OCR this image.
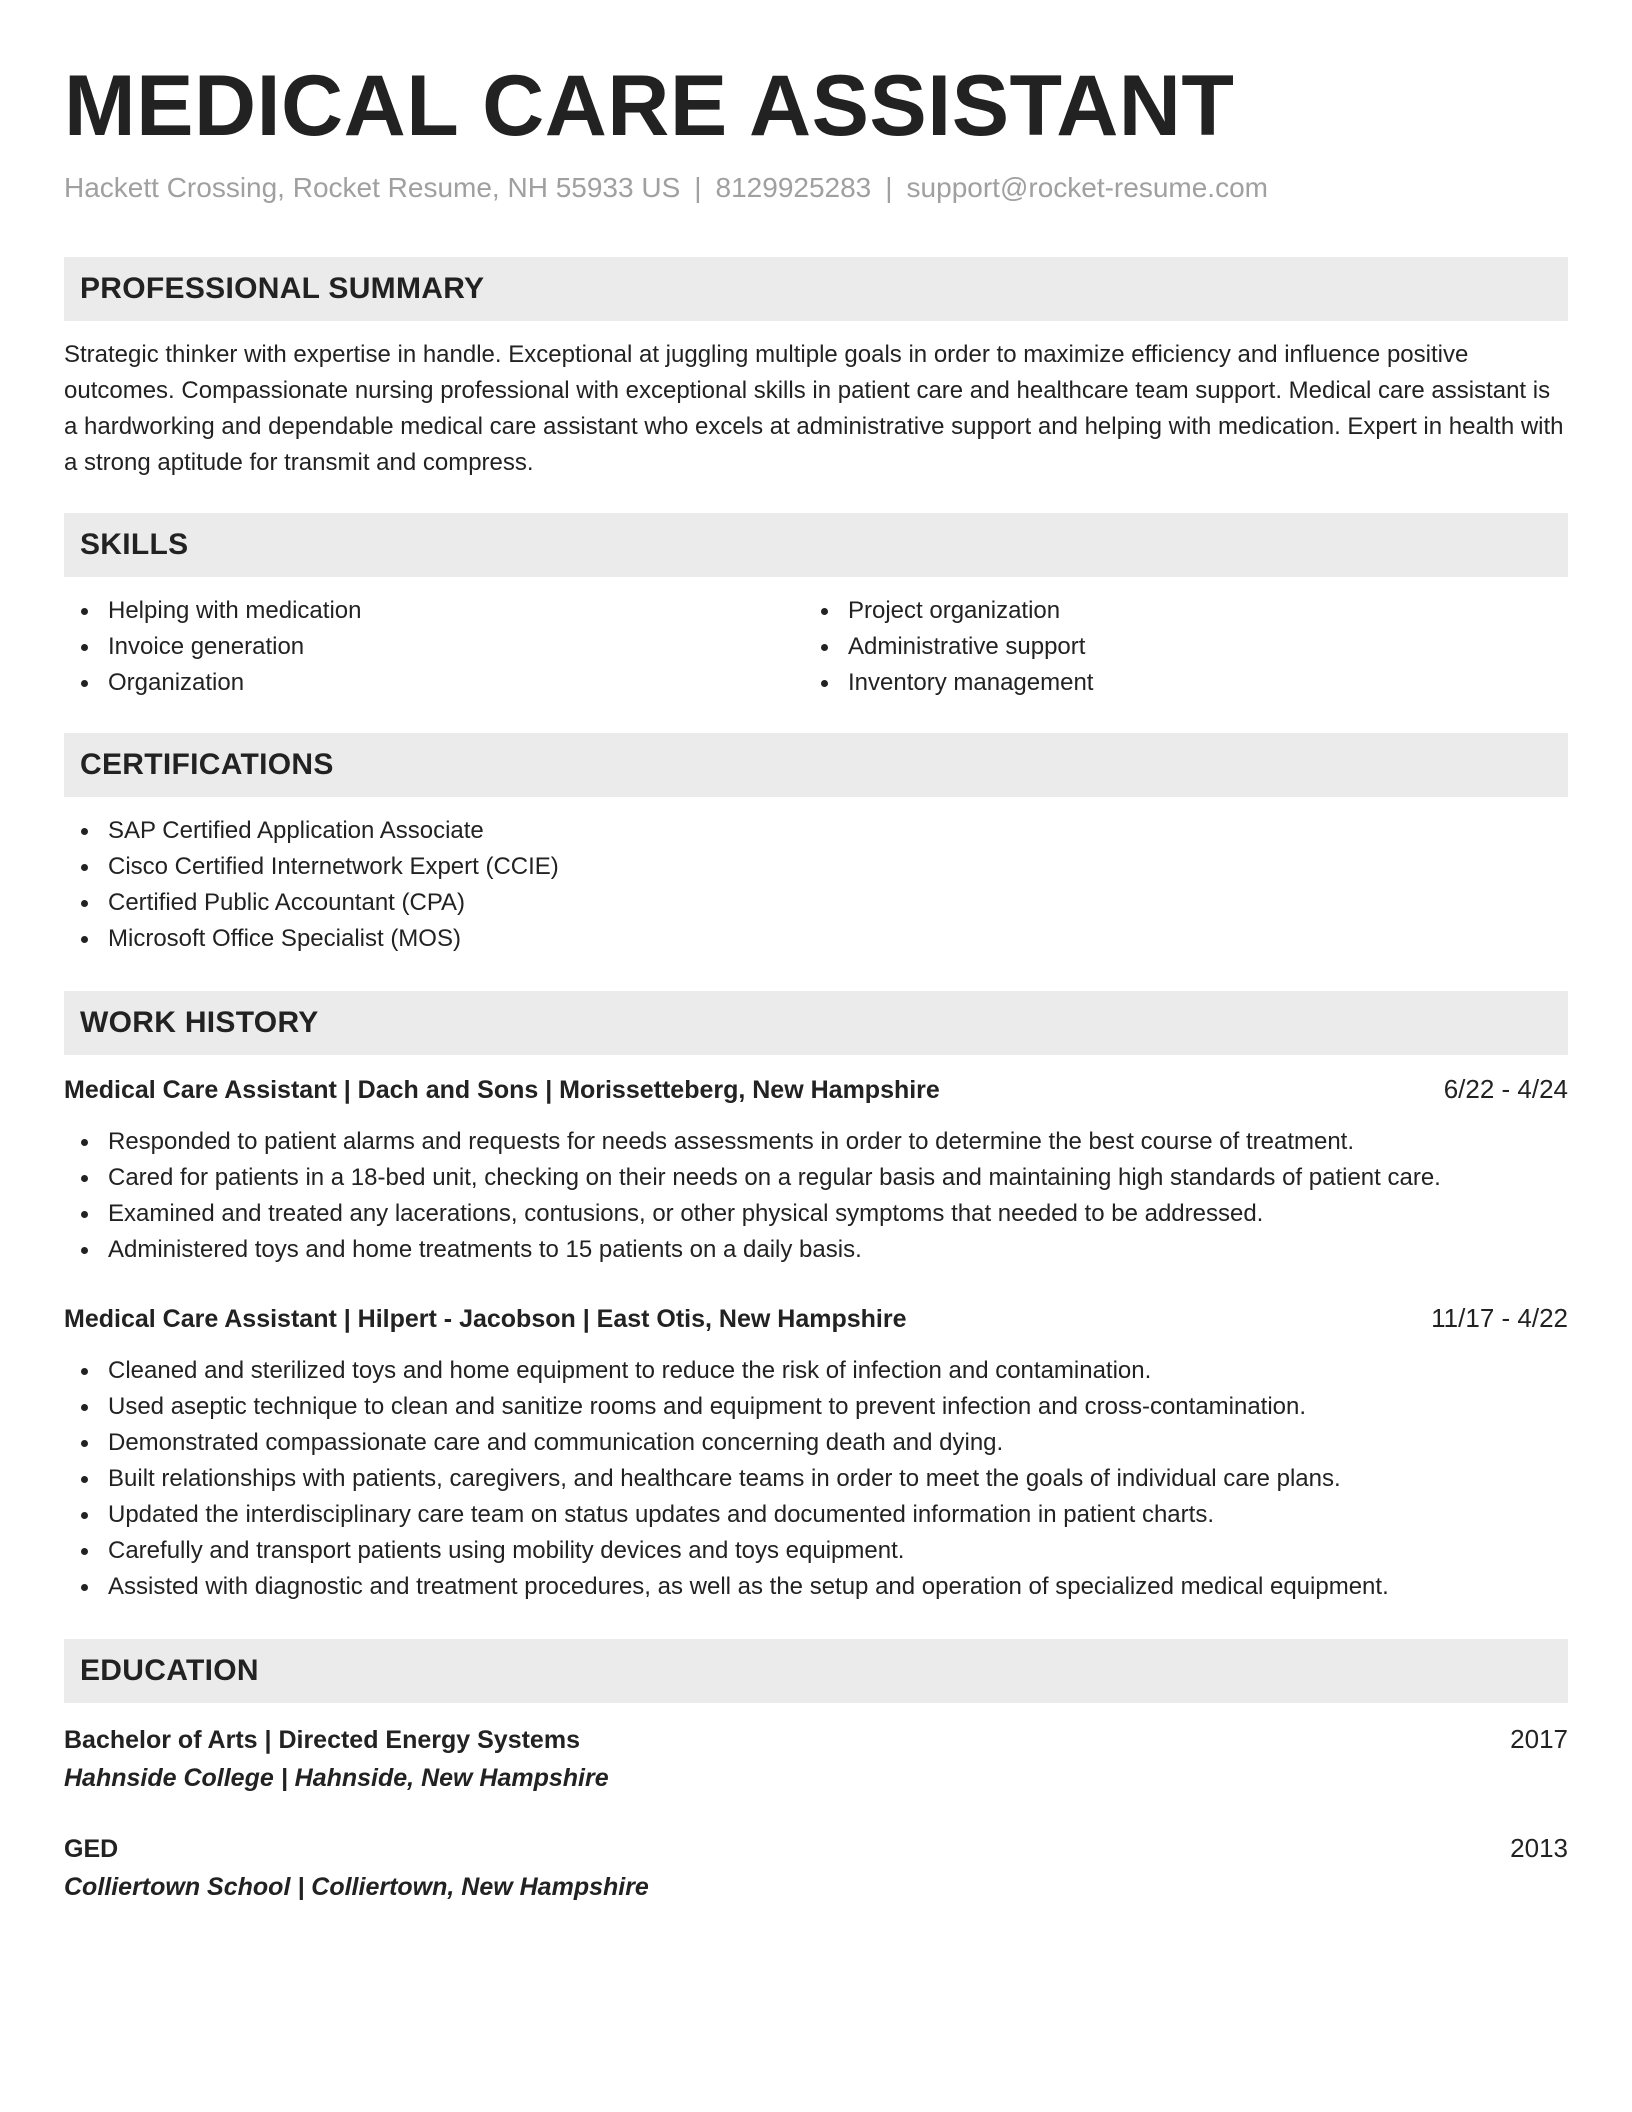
MEDICAL CARE ASSISTANT
Hackett Crossing, Rocket Resume, NH 55933 US | 8129925283 | support@rocket-resume.com
PROFESSIONAL SUMMARY

Strategic thinker with expertise in handle. Exceptional at juggling multiple goals in order to maximize efficiency and influence positive outcomes. Compassionate nursing professional with exceptional skills in patient care and healthcare team support. Medical care assistant is a hardworking and dependable medical care assistant who excels at administrative support and helping with medication. Expert in health with a strong aptitude for transmit and compress.

SKILLS
Helping with medication
Invoice generation
Organization
Project organization
Administrative support
Inventory management
CERTIFICATIONS
SAP Certified Application Associate
Cisco Certified Internetwork Expert (CCIE)
Certified Public Accountant (CPA)
Microsoft Office Specialist (MOS)
WORK HISTORY
Medical Care Assistant | Dach and Sons | Morissetteberg, New Hampshire	6/22 - 4/24
Responded to patient alarms and requests for needs assessments in order to determine the best course of treatment.
Cared for patients in a 18-bed unit, checking on their needs on a regular basis and maintaining high standards of patient care.
Examined and treated any lacerations, contusions, or other physical symptoms that needed to be addressed.
Administered toys and home treatments to 15 patients on a daily basis.
Medical Care Assistant | Hilpert - Jacobson | East Otis, New Hampshire	11/17 - 4/22
Cleaned and sterilized toys and home equipment to reduce the risk of infection and contamination.
Used aseptic technique to clean and sanitize rooms and equipment to prevent infection and cross-contamination.
Demonstrated compassionate care and communication concerning death and dying.
Built relationships with patients, caregivers, and healthcare teams in order to meet the goals of individual care plans.
Updated the interdisciplinary care team on status updates and documented information in patient charts.
Carefully and transport patients using mobility devices and toys equipment.
Assisted with diagnostic and treatment procedures, as well as the setup and operation of specialized medical equipment.
EDUCATION
Bachelor of Arts | Directed Energy Systems	2017
Hahnside College | Hahnside, New Hampshire
GED	2013
Colliertown School | Colliertown, New Hampshire
